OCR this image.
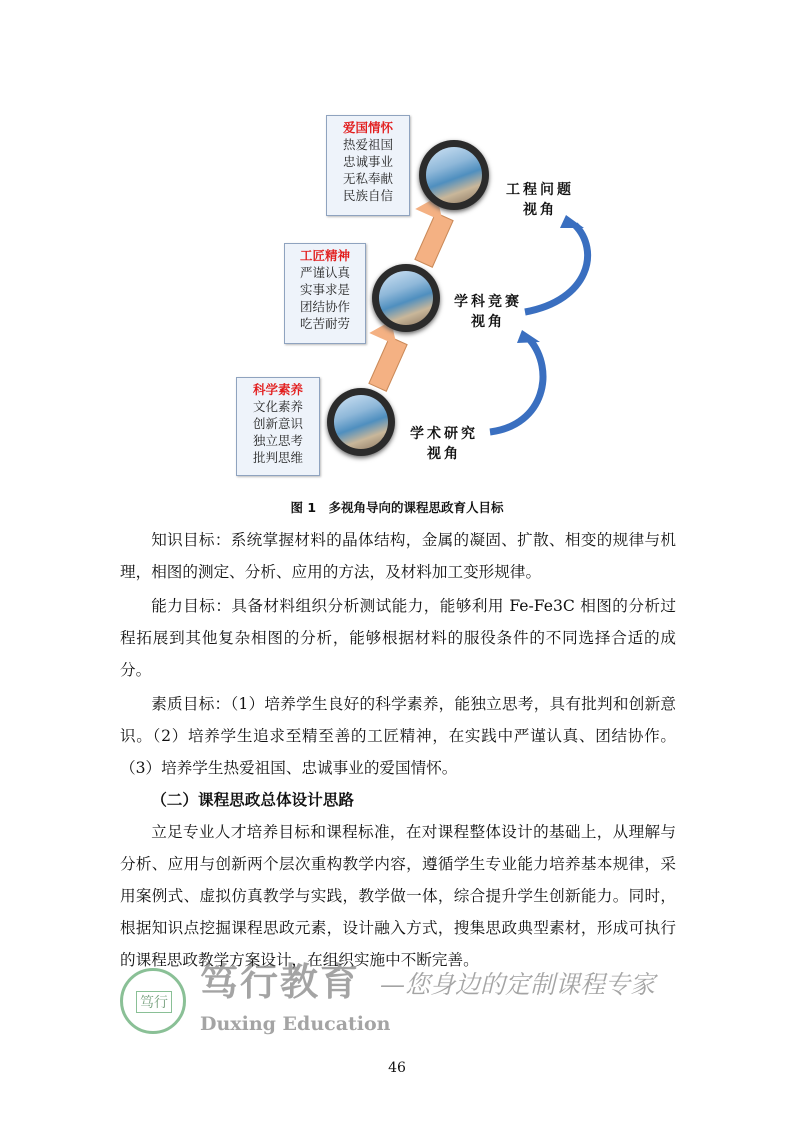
爱国情怀
热爱祖国
忠诚事业
无私奉献
民族自信
工匠精神
严谨认真
实事求是
团结协作
吃苦耐劳
科学素养
文化素养
创新意识
独立思考
批判思维
工程问题
视角
学科竞赛
视角
学术研究
视角
图 1　多视角导向的课程思政育人目标

知识目标：系统掌握材料的晶体结构，金属的凝固、扩散、相变的规律与机理，相图的测定、分析、应用的方法，及材料加工变形规律。

能力目标：具备材料组织分析测试能力，能够利用 Fe-Fe3C 相图的分析过程拓展到其他复杂相图的分析，能够根据材料的服役条件的不同选择合适的成分。

素质目标：（1）培养学生良好的科学素养，能独立思考，具有批判和创新意识。（2）培养学生追求至精至善的工匠精神，在实践中严谨认真、团结协作。（3）培养学生热爱祖国、忠诚事业的爱国情怀。

（二）课程思政总体设计思路

立足专业人才培养目标和课程标准，在对课程整体设计的基础上，从理解与分析、应用与创新两个层次重构教学内容，遵循学生专业能力培养基本规律，采用案例式、虚拟仿真教学与实践，教学做一体，综合提升学生创新能力。同时，根据知识点挖掘课程思政元素，设计融入方式，搜集思政典型素材，形成可执行的课程思政教学方案设计，在组织实施中不断完善。

笃行 笃行教育 —您身边的定制课程专家
Duxing Education
46
